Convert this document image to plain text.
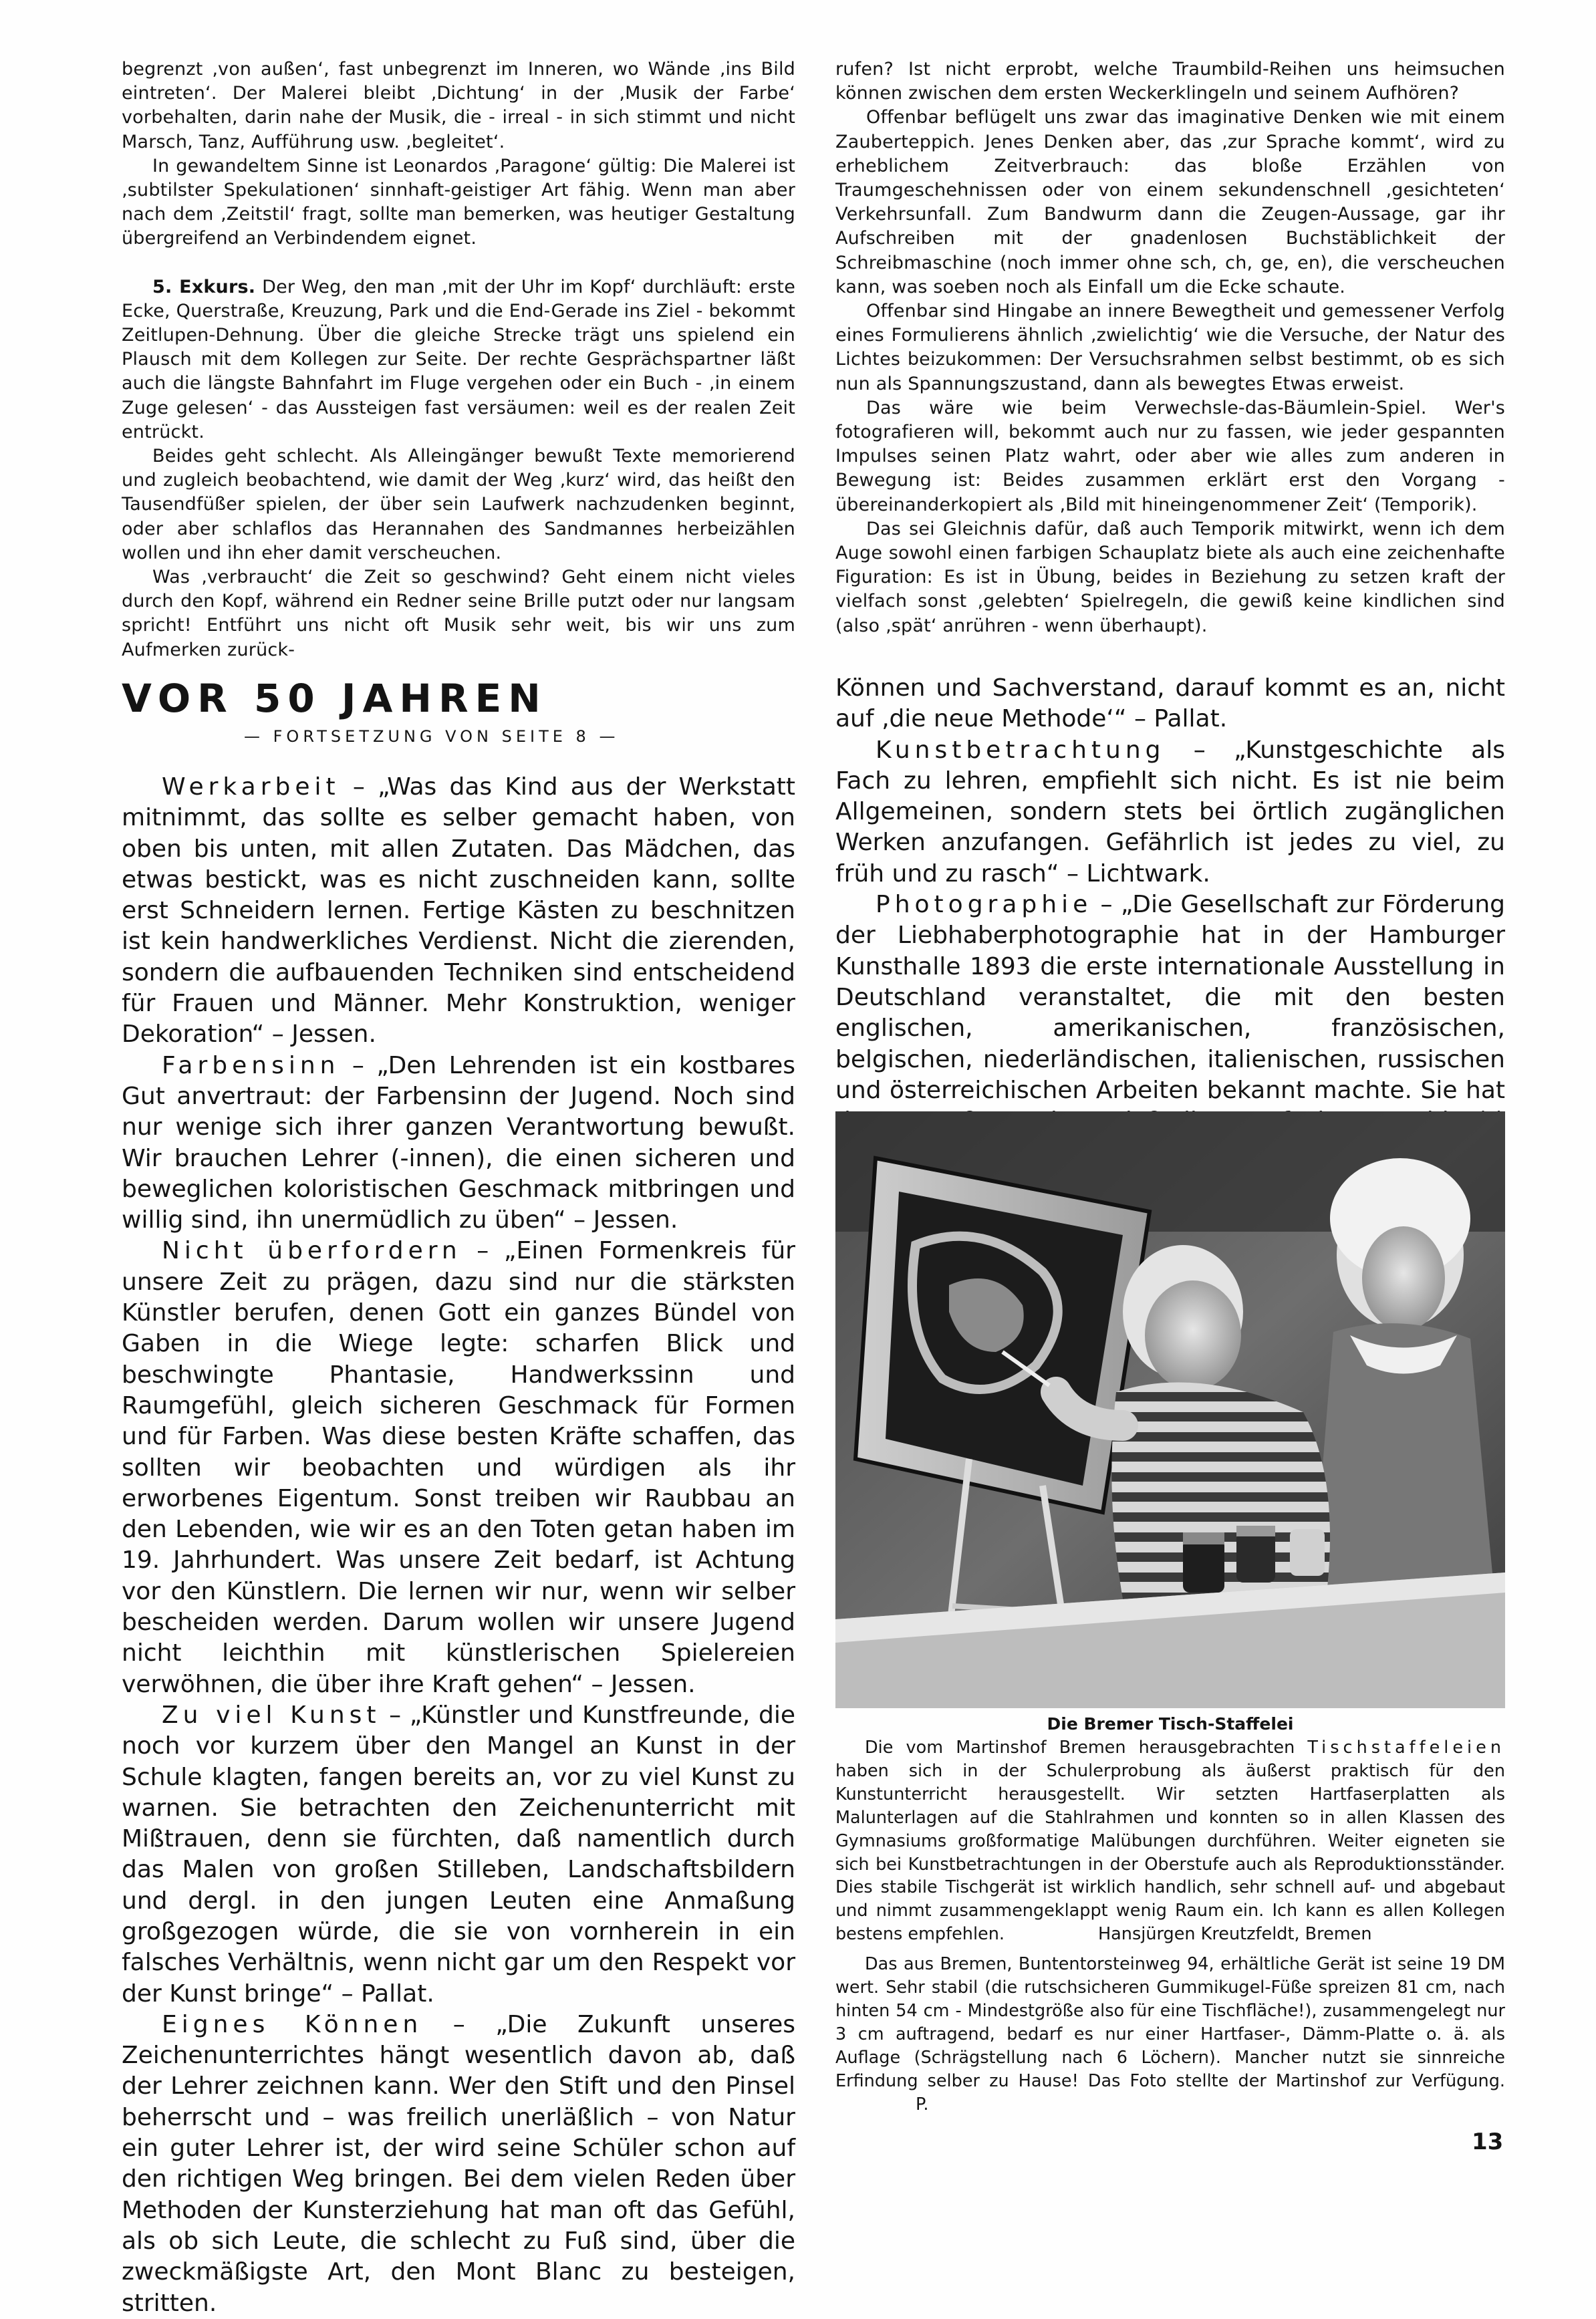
begrenzt ‚von außen‘, fast unbegrenzt im Inneren, wo Wände ‚ins Bild eintreten‘. Der Malerei bleibt ‚Dichtung‘ in der ‚Musik der Farbe‘ vorbehalten, darin nahe der Musik, die - irreal - in sich stimmt und nicht Marsch, Tanz, Aufführung usw. ‚begleitet‘.

In gewandeltem Sinne ist Leonardos ‚Paragone‘ gültig: Die Malerei ist ‚subtilster Spekulationen‘ sinnhaft-geistiger Art fähig. Wenn man aber nach dem ‚Zeitstil‘ fragt, sollte man bemerken, was heutiger Gestaltung übergreifend an Verbindendem eignet.

5. Exkurs. Der Weg, den man ‚mit der Uhr im Kopf‘ durchläuft: erste Ecke, Querstraße, Kreuzung, Park und die End-Gerade ins Ziel - bekommt Zeitlupen-Dehnung. Über die gleiche Strecke trägt uns spielend ein Plausch mit dem Kollegen zur Seite. Der rechte Gesprächspartner läßt auch die längste Bahnfahrt im Fluge vergehen oder ein Buch - ‚in einem Zuge gelesen‘ - das Aussteigen fast versäumen: weil es der realen Zeit entrückt.

Beides geht schlecht. Als Alleingänger bewußt Texte memorierend und zugleich beobachtend, wie damit der Weg ‚kurz‘ wird, das heißt den Tausendfüßer spielen, der über sein Laufwerk nachzudenken beginnt, oder aber schlaflos das Herannahen des Sandmannes herbeizählen wollen und ihn eher damit verscheuchen.

Was ‚verbraucht‘ die Zeit so geschwind? Geht einem nicht vieles durch den Kopf, während ein Redner seine Brille putzt oder nur langsam spricht! Entführt uns nicht oft Musik sehr weit, bis wir uns zum Aufmerken zurück-

rufen? Ist nicht erprobt, welche Traumbild-Reihen uns heimsuchen können zwischen dem ersten Weckerklingeln und seinem Aufhören?

Offenbar beflügelt uns zwar das imaginative Denken wie mit einem Zauberteppich. Jenes Denken aber, das ‚zur Sprache kommt‘, wird zu erheblichem Zeitverbrauch: das bloße Erzählen von Traumgeschehnissen oder von einem sekundenschnell ‚gesichteten‘ Verkehrsunfall. Zum Bandwurm dann die Zeugen-Aussage, gar ihr Aufschreiben mit der gnadenlosen Buchstäblichkeit der Schreibmaschine (noch immer ohne sch, ch, ge, en), die verscheuchen kann, was soeben noch als Einfall um die Ecke schaute.

Offenbar sind Hingabe an innere Bewegtheit und gemessener Verfolg eines Formulierens ähnlich ‚zwielichtig‘ wie die Versuche, der Natur des Lichtes beizukommen: Der Versuchsrahmen selbst bestimmt, ob es sich nun als Spannungszustand, dann als bewegtes Etwas erweist.

Das wäre wie beim Verwechsle-das-Bäumlein-Spiel. Wer's fotografieren will, bekommt auch nur zu fassen, wie jeder gespannten Impulses seinen Platz wahrt, oder aber wie alles zum anderen in Bewegung ist: Beides zusammen erklärt erst den Vorgang - übereinanderkopiert als ‚Bild mit hineingenommener Zeit‘ (Temporik).

Das sei Gleichnis dafür, daß auch Temporik mitwirkt, wenn ich dem Auge sowohl einen farbigen Schauplatz biete als auch eine zeichenhafte Figuration: Es ist in Übung, beides in Beziehung zu setzen kraft der vielfach sonst ‚gelebten‘ Spielregeln, die gewiß keine kindlichen sind (also ‚spät‘ anrühren - wenn überhaupt).

VOR 50 JAHREN
— FORTSETZUNG VON SEITE 8 —

Werkarbeit – „Was das Kind aus der Werkstatt mitnimmt, das sollte es selber gemacht haben, von oben bis unten, mit allen Zutaten. Das Mädchen, das etwas bestickt, was es nicht zuschneiden kann, sollte erst Schneidern lernen. Fertige Kästen zu beschnitzen ist kein handwerkliches Verdienst. Nicht die zierenden, sondern die aufbauenden Techniken sind entscheidend für Frauen und Männer. Mehr Konstruktion, weniger Dekoration“ – Jessen.

Farbensinn – „Den Lehrenden ist ein kostbares Gut anvertraut: der Farbensinn der Jugend. Noch sind nur wenige sich ihrer ganzen Verantwortung bewußt. Wir brauchen Lehrer (-innen), die einen sicheren und beweglichen koloristischen Geschmack mitbringen und willig sind, ihn unermüdlich zu üben“ – Jessen.

Nicht überfordern – „Einen Formenkreis für unsere Zeit zu prägen, dazu sind nur die stärksten Künstler berufen, denen Gott ein ganzes Bündel von Gaben in die Wiege legte: scharfen Blick und beschwingte Phantasie, Handwerkssinn und Raumgefühl, gleich sicheren Geschmack für Formen und für Farben. Was diese besten Kräfte schaffen, das sollten wir beobachten und würdigen als ihr erworbenes Eigentum. Sonst treiben wir Raubbau an den Lebenden, wie wir es an den Toten getan haben im 19. Jahrhundert. Was unsere Zeit bedarf, ist Achtung vor den Künstlern. Die lernen wir nur, wenn wir selber bescheiden werden. Darum wollen wir unsere Jugend nicht leichthin mit künstlerischen Spielereien verwöhnen, die über ihre Kraft gehen“ – Jessen.

Zu viel Kunst – „Künstler und Kunstfreunde, die noch vor kurzem über den Mangel an Kunst in der Schule klagten, fangen bereits an, vor zu viel Kunst zu warnen. Sie betrachten den Zeichenunterricht mit Mißtrauen, denn sie fürchten, daß namentlich durch das Malen von großen Stilleben, Landschaftsbildern und dergl. in den jungen Leuten eine Anmaßung großgezogen würde, die sie von vornherein in ein falsches Verhältnis, wenn nicht gar um den Respekt vor der Kunst bringe“ – Pallat.

Eignes Können – „Die Zukunft unseres Zeichenunterrichtes hängt wesentlich davon ab, daß der Lehrer zeichnen kann. Wer den Stift und den Pinsel beherrscht und – was freilich unerläßlich – von Natur ein guter Lehrer ist, der wird seine Schüler schon auf den richtigen Weg bringen. Bei dem vielen Reden über Methoden der Kunsterziehung hat man oft das Gefühl, als ob sich Leute, die schlecht zu Fuß sind, über die zweckmäßigste Art, den Mont Blanc zu besteigen, stritten.

Können und Sachverstand, darauf kommt es an, nicht auf ‚die neue Methode‘“ – Pallat.

Kunstbetrachtung – „Kunstgeschichte als Fach zu lehren, empfiehlt sich nicht. Es ist nie beim Allgemeinen, sondern stets bei örtlich zugänglichen Werken anzufangen. Gefährlich ist jedes zu viel, zu früh und zu rasch“ – Lichtwark.

Photographie – „Die Gesellschaft zur Förderung der Liebhaberphotographie hat in der Hamburger Kunsthalle 1893 die erste internationale Ausstellung in Deutschland veranstaltet, die mit den besten englischen, amerikanischen, französischen, belgischen, niederländischen, italienischen, russischen und österreichischen Arbeiten bekannt machte. Sie hat

Die Bremer Tisch-Staffelei

Die vom Martinshof Bremen herausgebrachten Tischstaffeleien haben sich in der Schulerprobung als äußerst praktisch für den Kunstunterricht herausgestellt. Wir setzten Hartfaserplatten als Malunterlagen auf die Stahlrahmen und konnten so in allen Klassen des Gymnasiums großformatige Malübungen durchführen. Weiter eigneten sie sich bei Kunstbetrachtungen in der Oberstufe auch als Reproduktionsständer. Dies stabile Tischgerät ist wirklich handlich, sehr schnell auf- und abgebaut und nimmt zusammengeklappt wenig Raum ein. Ich kann es allen Kollegen bestens empfehlen.	Hansjürgen Kreutzfeldt, Bremen

Das aus Bremen, Buntentorsteinweg 94, erhältliche Gerät ist seine 19 DM wert. Sehr stabil (die rutschsicheren Gummikugel-Füße spreizen 81 cm, nach hinten 54 cm - Mindestgröße also für eine Tischfläche!), zusammengelegt nur 3 cm auftragend, bedarf es nur einer Hartfaser-, Dämm-Platte o. ä. als Auflage (Schrägstellung nach 6 Löchern). Mancher nutzt sie sinnreiche Erfindung selber zu Hause! Das Foto stellte der Martinshof zur Verfügung.P.

13
